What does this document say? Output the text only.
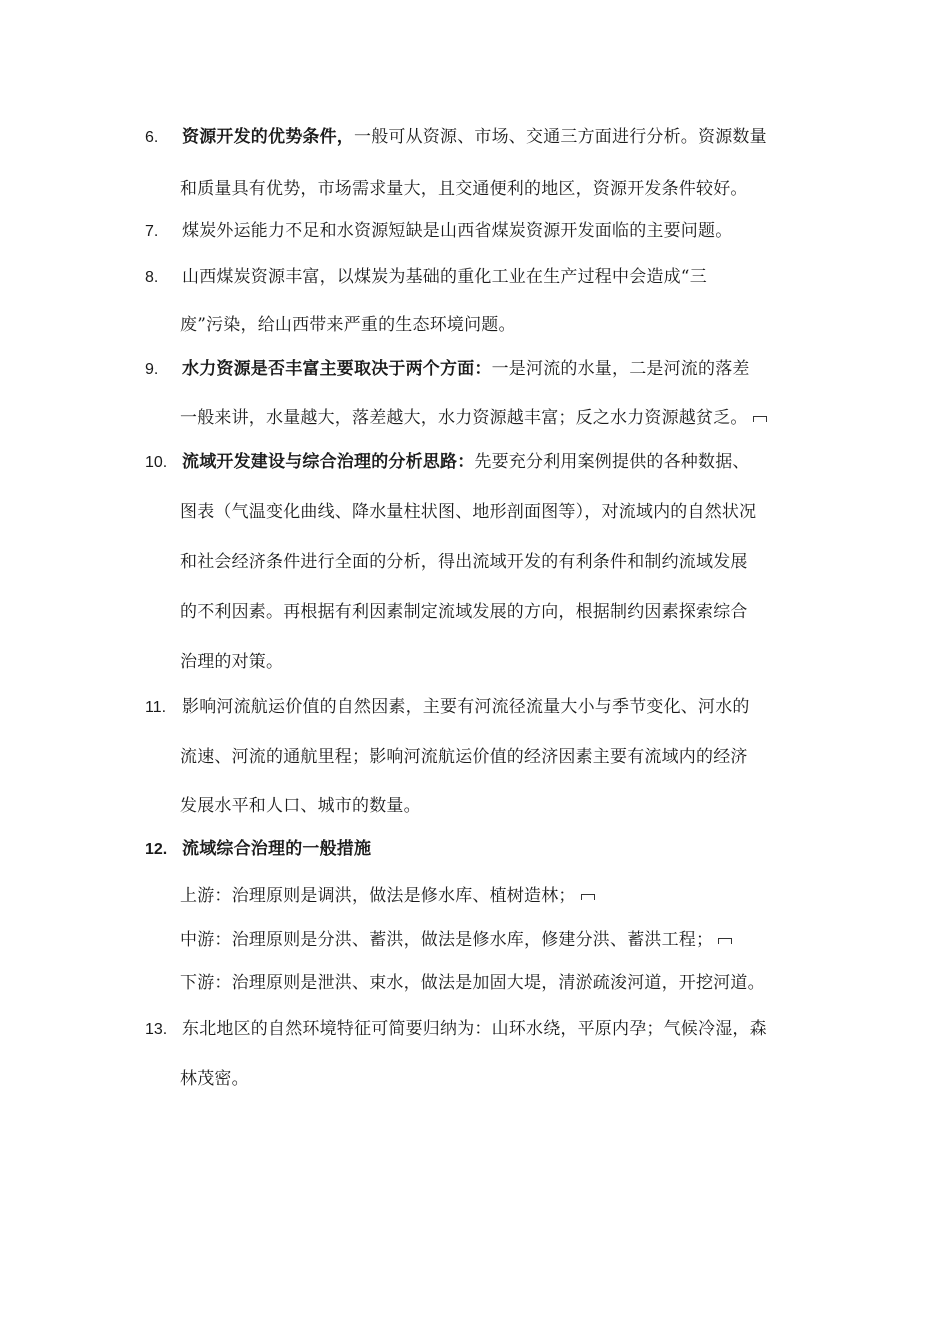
6. 资源开发的优势条件，一般可从资源、市场、交通三方面进行分析。资源数量
和质量具有优势，市场需求量大，且交通便利的地区，资源开发条件较好。
7. 煤炭外运能力不足和水资源短缺是山西省煤炭资源开发面临的主要问题。
8. 山西煤炭资源丰富，以煤炭为基础的重化工业在生产过程中会造成“三
废”污染，给山西带来严重的生态环境问题。
9. 水力资源是否丰富主要取决于两个方面：一是河流的水量，二是河流的落差
一般来讲，水量越大，落差越大，水力资源越丰富；反之水力资源越贫乏。
10. 流域开发建设与综合治理的分析思路：先要充分利用案例提供的各种数据、
图表（气温变化曲线、降水量柱状图、地形剖面图等），对流域内的自然状况
和社会经济条件进行全面的分析，得出流域开发的有利条件和制约流域发展
的不利因素。再根据有利因素制定流域发展的方向，根据制约因素探索综合
治理的对策。
11. 影响河流航运价值的自然因素，主要有河流径流量大小与季节变化、河水的
流速、河流的通航里程；影响河流航运价值的经济因素主要有流域内的经济
发展水平和人口、城市的数量。
12. 流域综合治理的一般措施
上游：治理原则是调洪，做法是修水库、植树造林；
中游：治理原则是分洪、蓄洪，做法是修水库，修建分洪、蓄洪工程；
下游：治理原则是泄洪、束水，做法是加固大堤，清淤疏浚河道，开挖河道。
13. 东北地区的自然环境特征可简要归纳为：山环水绕，平原内孕；气候冷湿，森
林茂密。
